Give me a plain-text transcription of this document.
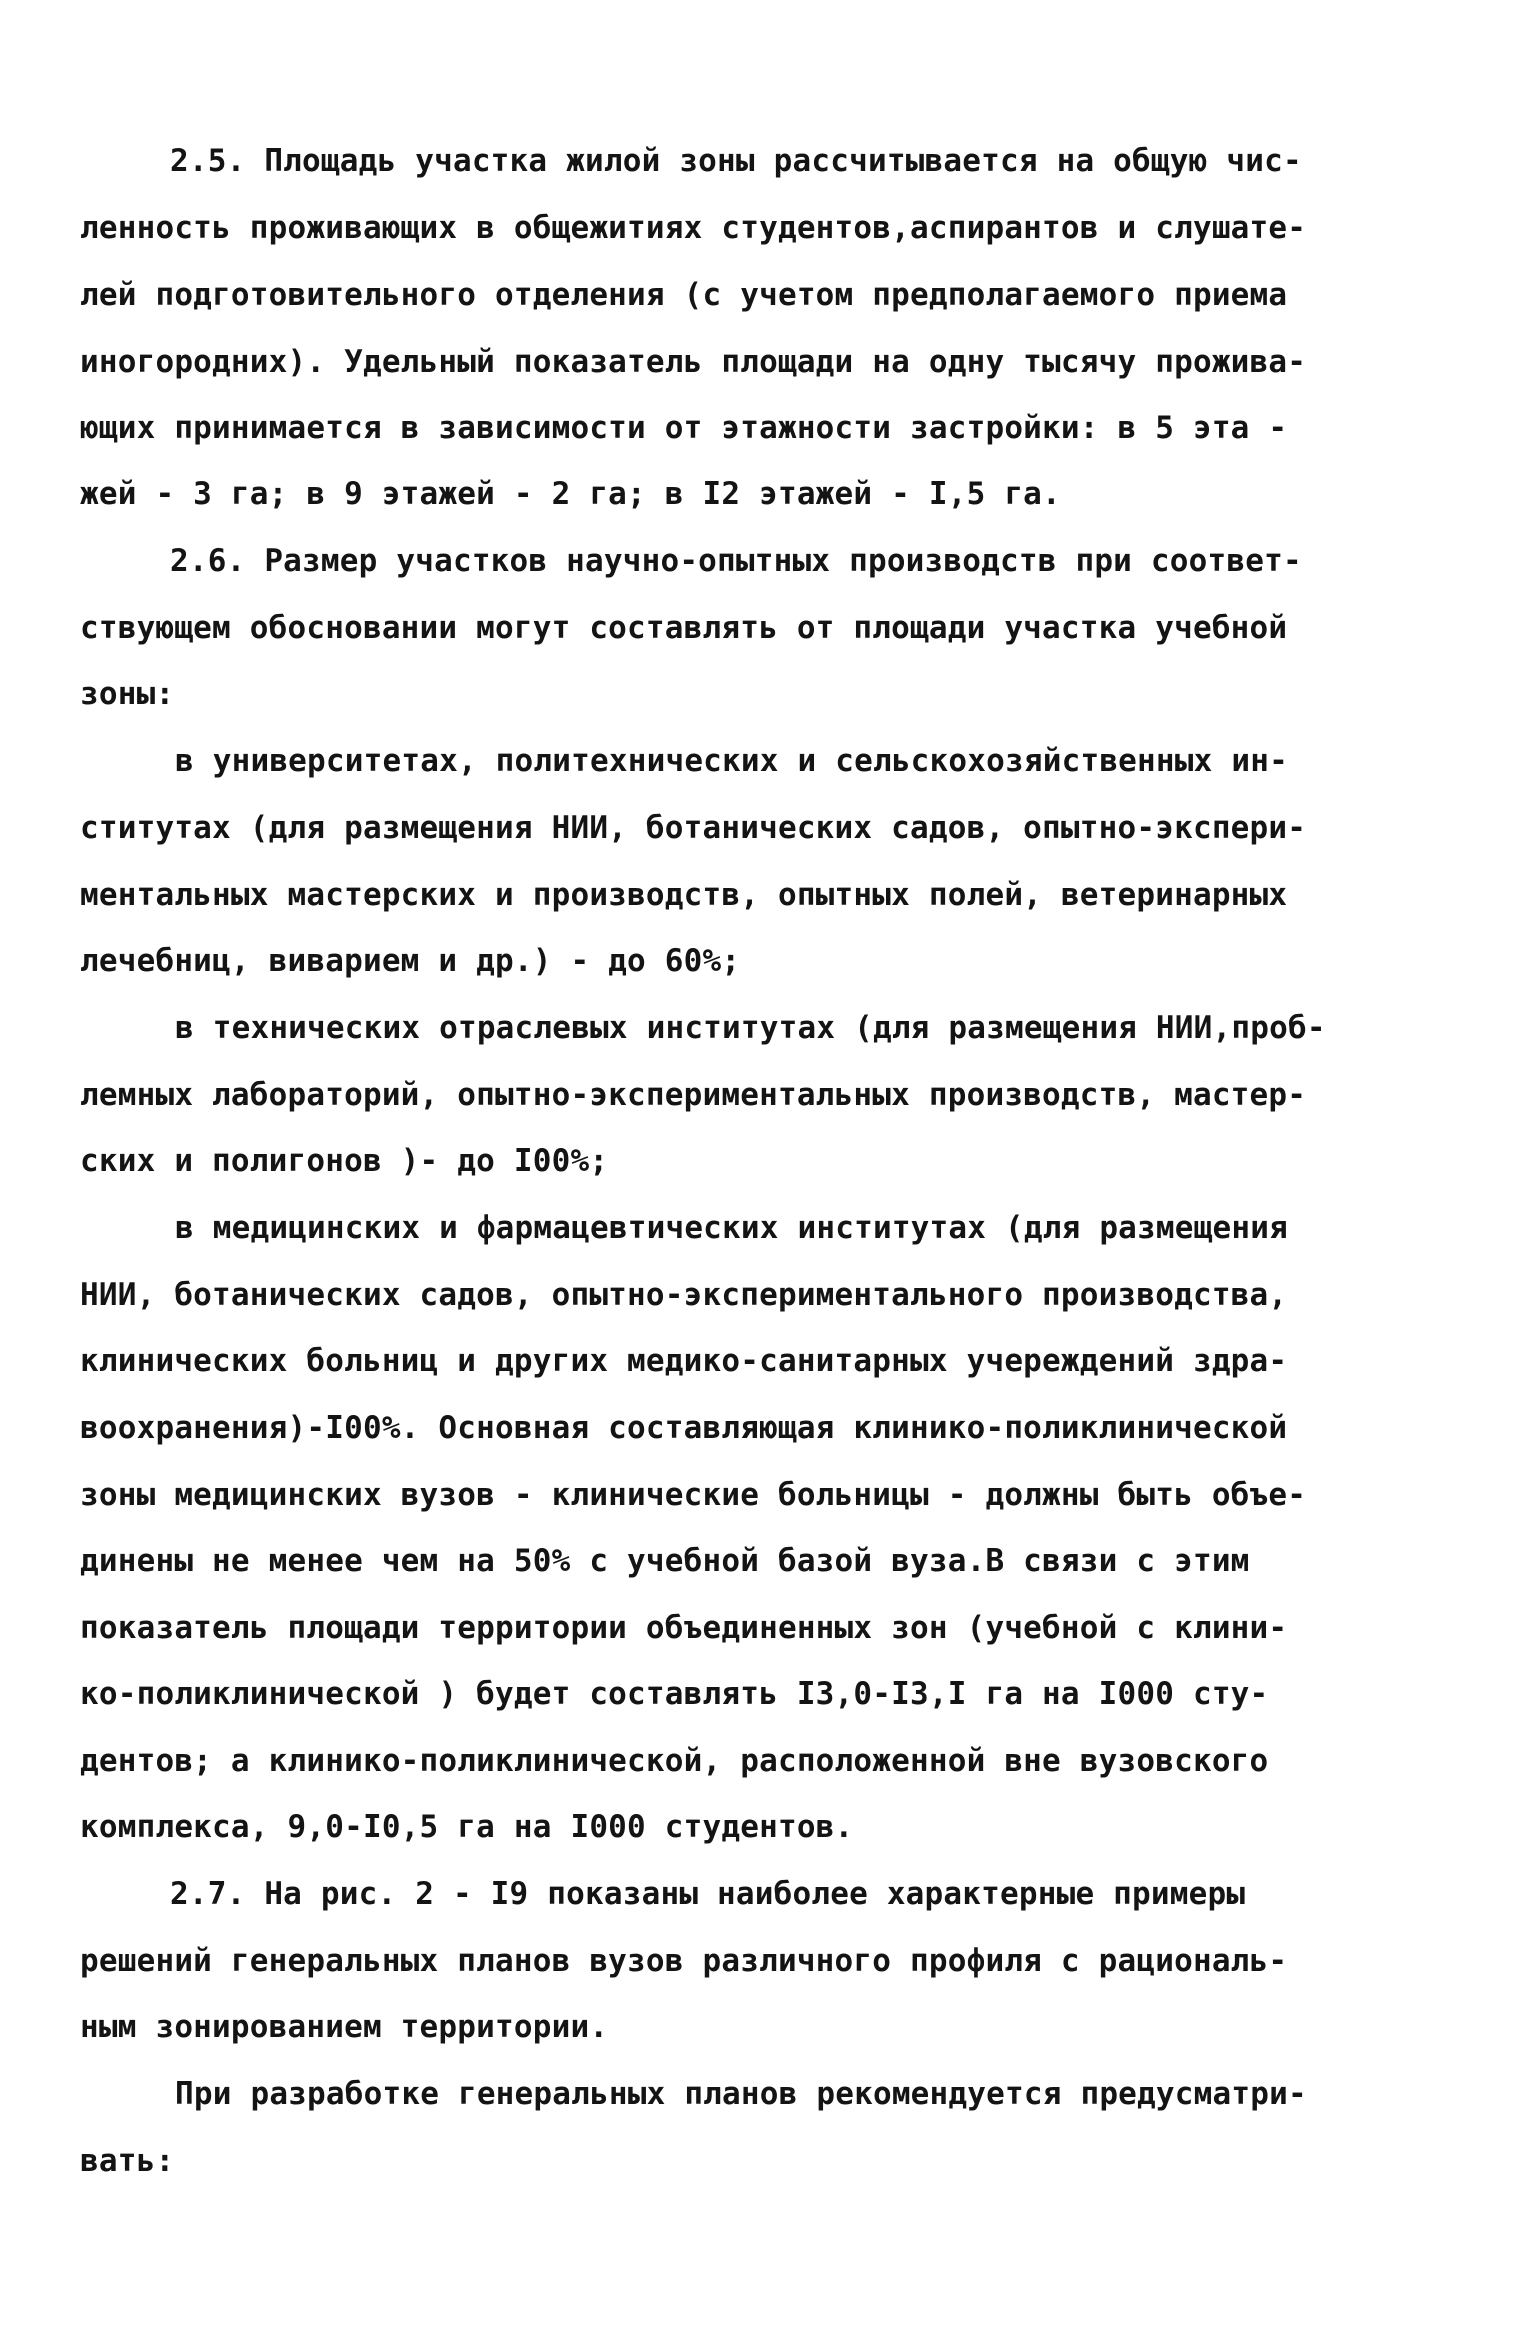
2.5. Площадь участка жилой зоны рассчитывается на общую чис-
ленность проживающих в общежитиях студентов,аспирантов и слушате-
лей подготовительного отделения (с учетом предполагаемого приема
иногородних). Удельный показатель площади на одну тысячу прожива-
ющих принимается в зависимости от этажности застройки: в 5 эта -
жей - 3 га; в 9 этажей - 2 га; в I2 этажей - I,5 га.
2.6. Размер участков научно-опытных производств при соответ-
ствующем обосновании могут составлять от площади участка учебной
зоны:
в университетах, политехнических и сельскохозяйственных ин-
ститутах (для размещения НИИ, ботанических садов, опытно-экспери-
ментальных мастерских и производств, опытных полей, ветеринарных
лечебниц, виварием и др.) - до 60%;
в технических отраслевых институтах (для размещения НИИ,проб-
лемных лабораторий, опытно-экспериментальных производств, мастер-
ских и полигонов )- до I00%;
в медицинских и фармацевтических институтах (для размещения
НИИ, ботанических садов, опытно-экспериментального производства,
клинических больниц и других медико-санитарных учереждений здра-
воохранения)-I00%. Основная составляющая клинико-поликлинической
зоны медицинских вузов - клинические больницы - должны быть объе-
динены не менее чем на 50% с учебной базой вуза.В связи с этим
показатель площади территории объединенных зон (учебной с клини-
ко-поликлинической ) будет составлять I3,0-I3,I га на I000 сту-
дентов; а клинико-поликлинической, расположенной вне вузовского
комплекса, 9,0-I0,5 га на I000 студентов.
2.7. На рис. 2 - I9 показаны наиболее характерные примеры
решений генеральных планов вузов различного профиля с рациональ-
ным зонированием территории.
При разработке генеральных планов рекомендуется предусматри-
вать:
